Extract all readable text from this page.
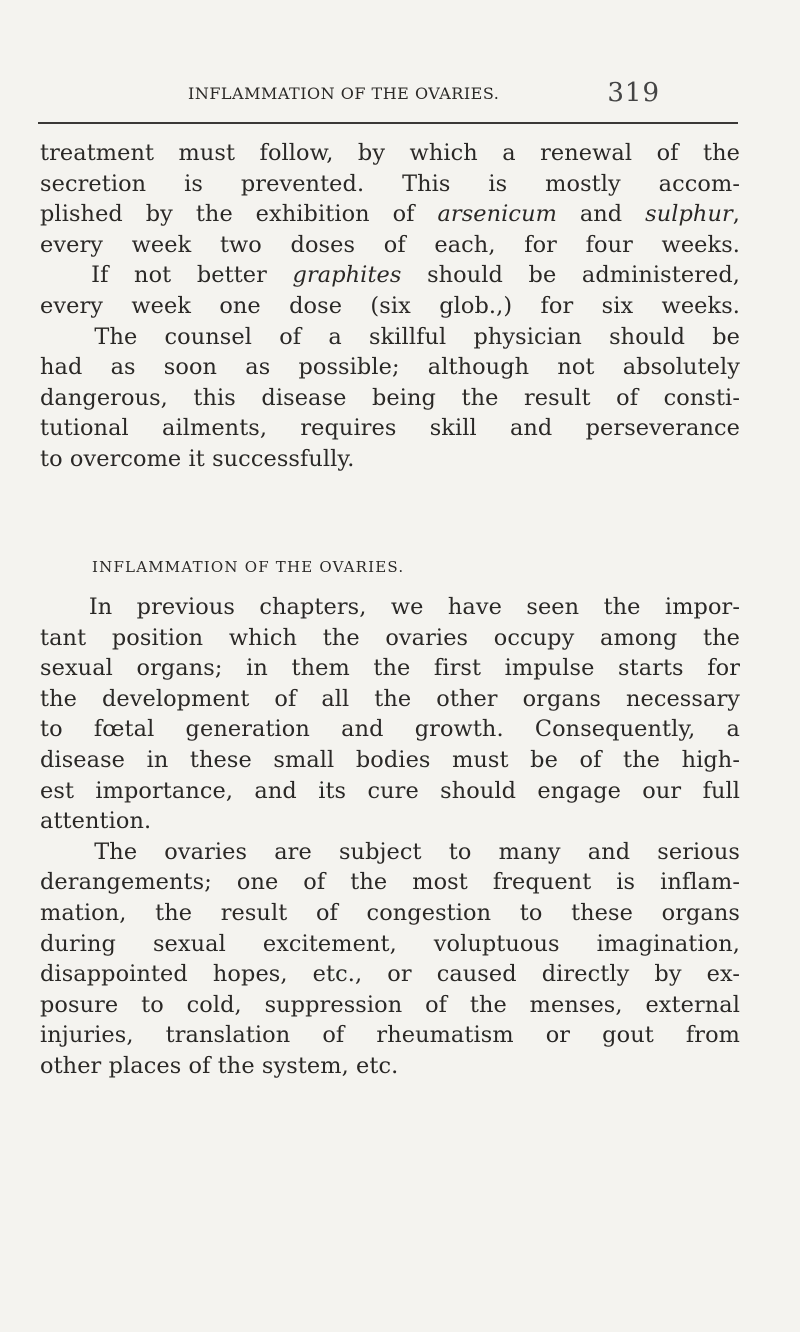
INFLAMMATION OF THE OVARIES.	319
treatment must follow, by which a renewal of the
secretion is prevented. This is mostly accom-
plished by the exhibition of arsenicum and sulphur,
every week two doses of each, for four weeks.
If not better graphites should be administered,
every week one dose (six glob.,) for six weeks.
The counsel of a skillful physician should be
had as soon as possible; although not absolutely
dangerous, this disease being the result of consti-
tutional ailments, requires skill and perseverance
to overcome it successfully.
INFLAMMATION OF THE OVARIES.
In previous chapters, we have seen the impor-
tant position which the ovaries occupy among the
sexual organs; in them the first impulse starts for
the development of all the other organs necessary
to fœtal generation and growth. Consequently, a
disease in these small bodies must be of the high-
est importance, and its cure should engage our full
attention.
The ovaries are subject to many and serious
derangements; one of the most frequent is inflam-
mation, the result of congestion to these organs
during sexual excitement, voluptuous imagination,
disappointed hopes, etc., or caused directly by ex-
posure to cold, suppression of the menses, external
injuries, translation of rheumatism or gout from
other places of the system, etc.
